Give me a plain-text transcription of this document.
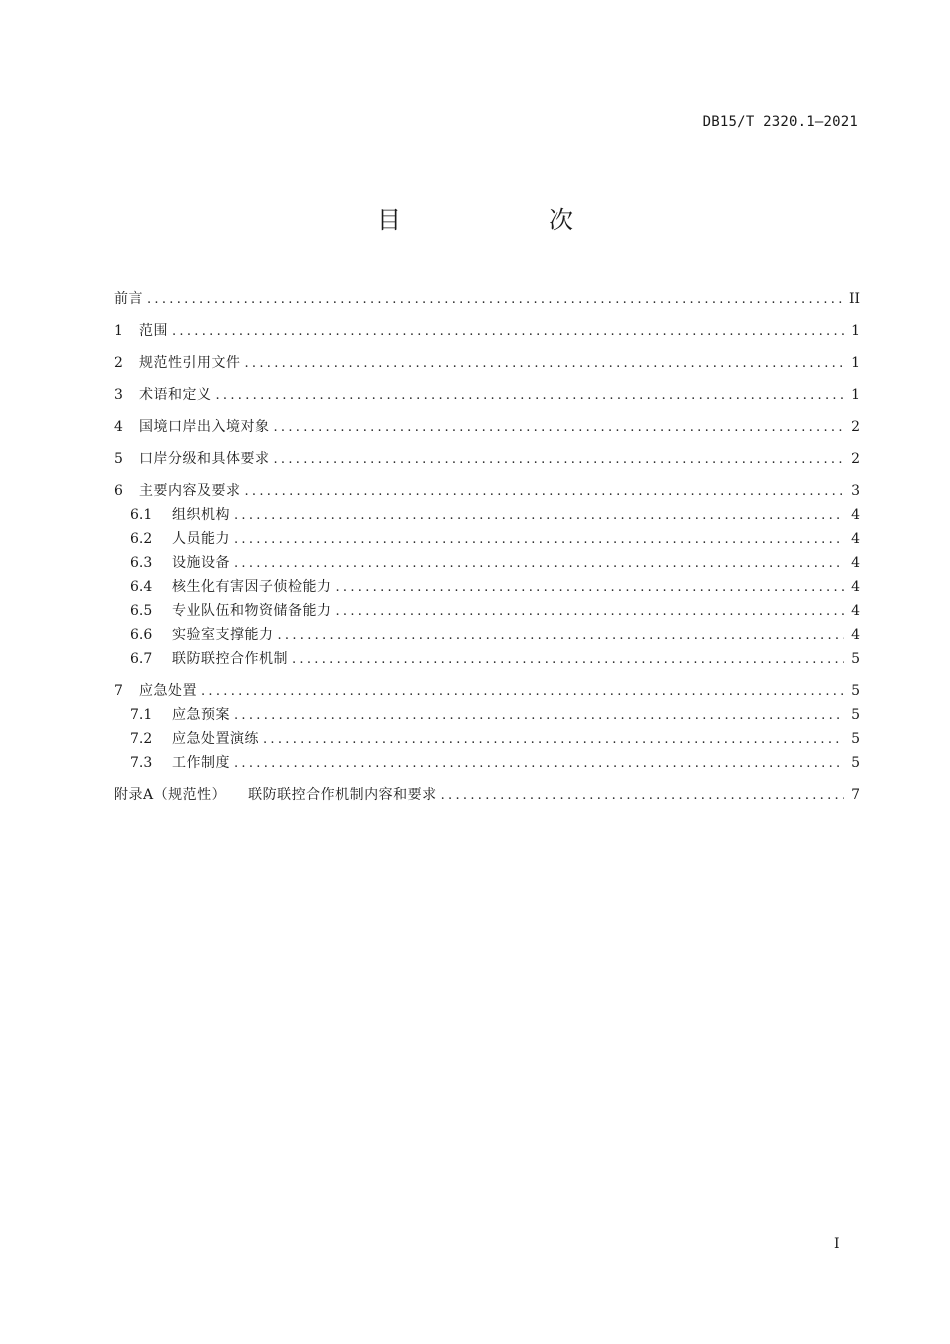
DB15/T 2320.1—2021
目　次
前言 .....	II
1	范围 .....	1
2	规范性引用文件 .....	1
3	术语和定义 .....	1
4	国境口岸出入境对象 .....	2
5	口岸分级和具体要求 .....	2
6	主要内容及要求 .....	3
6.1	组织机构 .....	4
6.2	人员能力 .....	4
6.3	设施设备 .....	4
6.4	核生化有害因子侦检能力 .....	4
6.5	专业队伍和物资储备能力 .....	4
6.6	实验室支撑能力 .....	4
6.7	联防联控合作机制 .....	5
7	应急处置 .....	5
7.1	应急预案 .....	5
7.2	应急处置演练 .....	5
7.3	工作制度 .....	5
附录A（规范性） 联防联控合作机制内容和要求 .....	7
I
